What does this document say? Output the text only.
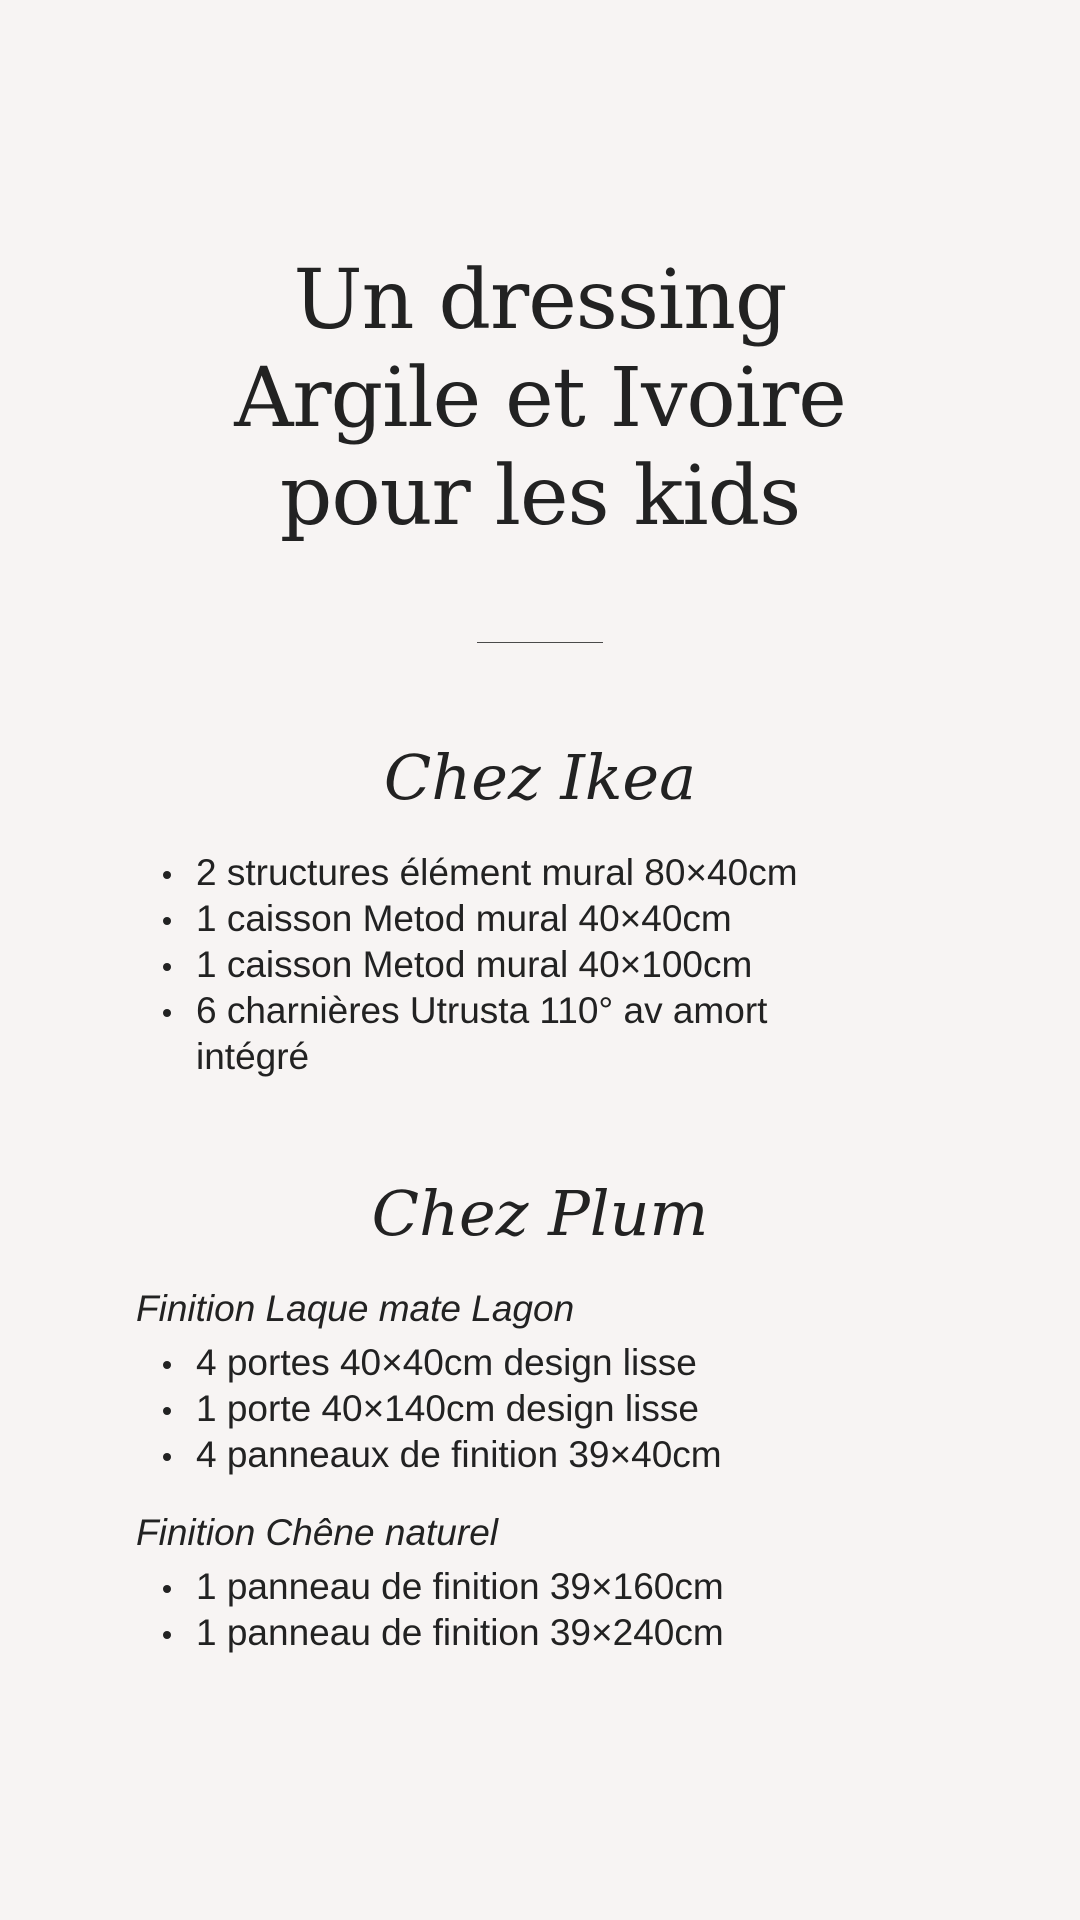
Un dressing
Argile et Ivoire
pour les kids
Chez Ikea
2 structures élément mural 80×40cm
1 caisson Metod mural 40×40cm
1 caisson Metod mural 40×100cm
6 charnières Utrusta 110° av amort intégré
Chez Plum

Finition Laque mate Lagon

4 portes 40×40cm design lisse
1 porte 40×140cm design lisse
4 panneaux de finition 39×40cm

Finition Chêne naturel

1 panneau de finition 39×160cm
1 panneau de finition 39×240cm
